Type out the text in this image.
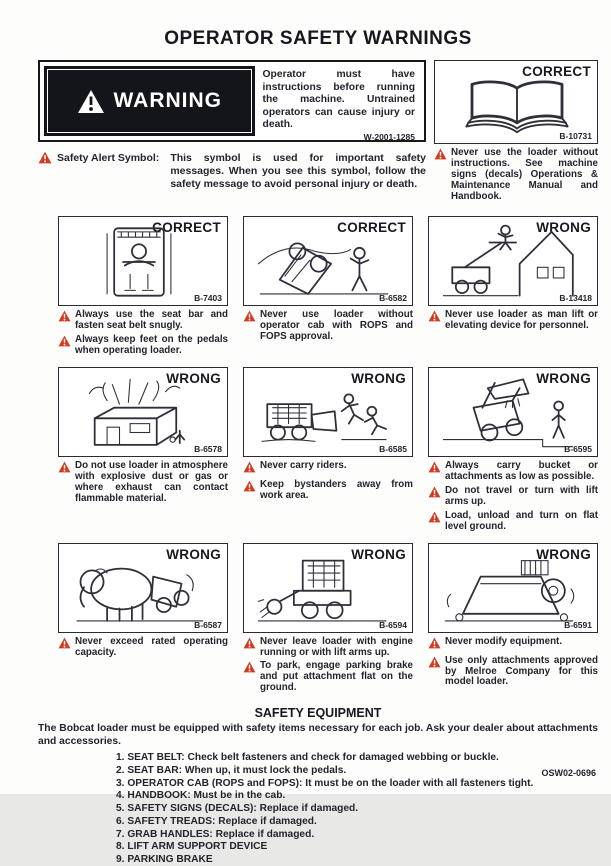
OPERATOR SAFETY WARNINGS
WARNING
Operator must have instructions before running the machine. Untrained operators can cause injury or death.
W-2001-1285
Safety Alert Symbol: This symbol is used for important safety messages. When you see this symbol, follow the safety message to avoid personal injury or death.
CORRECT
B-10731
Never use the loader without instructions. See machine signs (decals) Operations & Maintenance Manual and Handbook.
CORRECT
B-7403
Always use the seat bar and fasten seat belt snugly.
Always keep feet on the pedals when operating loader.
CORRECT
B-6582
Never use loader without operator cab with ROPS and FOPS approval.
WRONG
B-13418
Never use loader as man lift or elevating device for personnel.
WRONG
B-6578
Do not use loader in atmosphere with explosive dust or gas or where exhaust can contact flammable material.
WRONG
B-6585
Never carry riders.
Keep bystanders away from work area.
WRONG
B-6595
Always carry bucket or attachments as low as possible.
Do not travel or turn with lift arms up.
Load, unload and turn on flat level ground.
WRONG
B-6587
Never exceed rated operating capacity.
WRONG
B-6594
Never leave loader with engine running or with lift arms up.
To park, engage parking brake and put attachment flat on the ground.
WRONG
B-6591
Never modify equipment.
Use only attachments approved by Melroe Company for this model loader.
SAFETY EQUIPMENT
The Bobcat loader must be equipped with safety items necessary for each job. Ask your dealer about attachments and accessories.
SEAT BELT: Check belt fasteners and check for damaged webbing or buckle.
SEAT BAR: When up, it must lock the pedals.
OPERATOR CAB (ROPS and FOPS): It must be on the loader with all fasteners tight.
HANDBOOK: Must be in the cab.
SAFETY SIGNS (DECALS): Replace if damaged.
SAFETY TREADS: Replace if damaged.
GRAB HANDLES: Replace if damaged.
LIFT ARM SUPPORT DEVICE
PARKING BRAKE
OSW02-0696
